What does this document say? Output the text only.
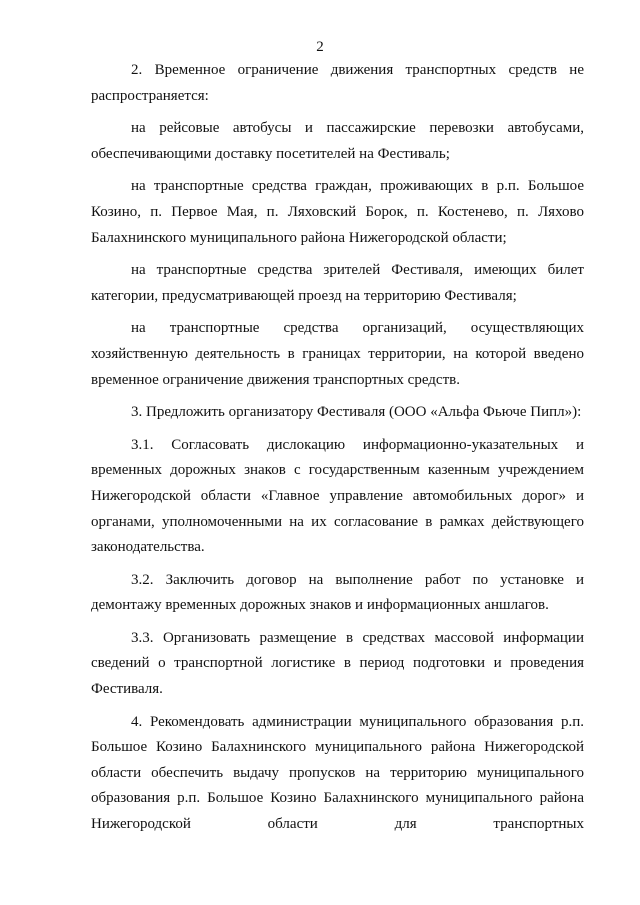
2

2. Временное ограничение движения транспортных средств не распространяется:

на рейсовые автобусы и пассажирские перевозки автобусами, обеспечивающими доставку посетителей на Фестиваль;

на транспортные средства граждан, проживающих в р.п. Большое Козино, п. Первое Мая, п. Ляховский Борок, п. Костенево, п. Ляхово Балахнинского муниципального района Нижегородской области;

на транспортные средства зрителей Фестиваля, имеющих билет категории, предусматривающей проезд на территорию Фестиваля;

на транспортные средства организаций, осуществляющих хозяйственную деятельность в границах территории, на которой введено временное ограничение движения транспортных средств.

3. Предложить организатору Фестиваля (ООО «Альфа Фьюче Пипл»):

3.1. Согласовать дислокацию информационно-указательных и временных дорожных знаков с государственным казенным учреждением Нижегородской области «Главное управление автомобильных дорог» и органами, уполномоченными на их согласование в рамках действующего законодательства.

3.2. Заключить договор на выполнение работ по установке и демонтажу временных дорожных знаков и информационных аншлагов.

3.3. Организовать размещение в средствах массовой информации сведений о транспортной логистике в период подготовки и проведения Фестиваля.

4. Рекомендовать администрации муниципального образования р.п. Большое Козино Балахнинского муниципального района Нижегородской области обеспечить выдачу пропусков на территорию муниципального образования р.п. Большое Козино Балахнинского муниципального района Нижегородской области для транспортных
